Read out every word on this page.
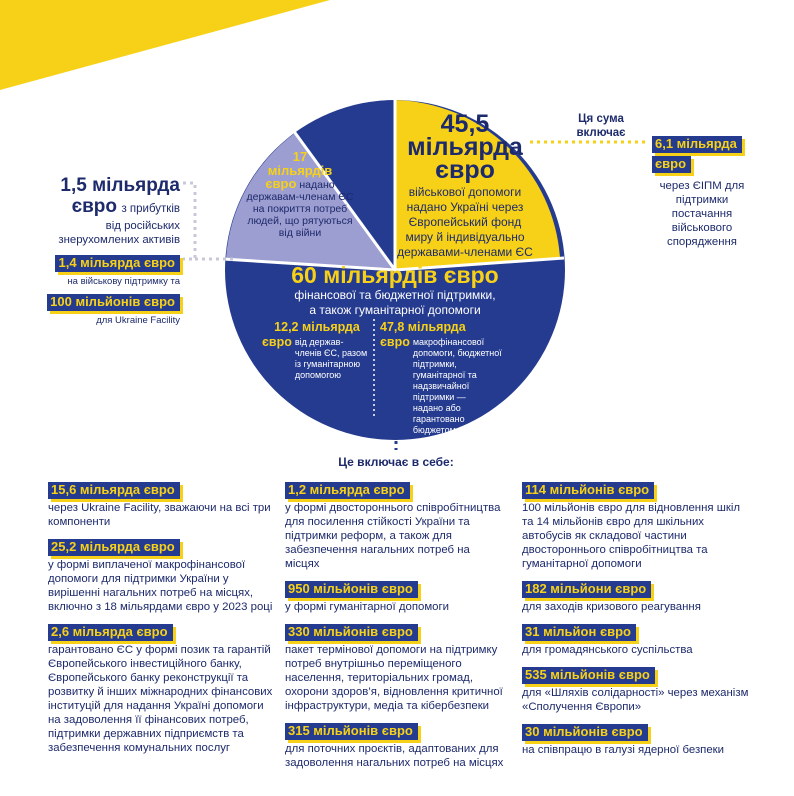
45,5
мільярда
євро
військової допомоги
надано Україні через
Європейський фонд
миру й індивідуально
державами-членами ЄС
17
мільярдів
євро надано
державам-членам ЄС
на покриття потреб
людей, що рятуються
від війни
60 мільярдів євро
фінансової та бюджетної підтримки,
а також гуманітарної допомоги
12,2 мільярда
євро від держав-
членів ЄС, разом
із гуманітарною
допомогою
47,8 мільярда
євро макрофінансової
допомоги, бюджетної
підтримки, гуманітарної та
надзвичайної підтримки —
надано або гарантовано
бюджетом ЄС
Ця сума
включає
6,1 мільярда
євро
через ЄІПМ для
підтримки
постачання
військового
спорядження
1,5 мільярда
євро з прибутків
від російських
знерухомлених активів
1,4 мільярда євро
на військову підтримку та
100 мільйонів євро
для Ukraine Facility
Це включає в себе:
15,6 мільярда євро
через Ukraine Facility, зважаючи на всі три компоненти
25,2 мільярда євро
у формі виплаченої макрофінансової допомоги для підтримки України у вирішенні нагальних потреб на місцях, включно з 18 мільярдами євро у 2023 році
2,6 мільярда євро
гарантовано ЄС у формі позик та гарантій Європейського інвестиційного банку, Європейського банку реконструкції та розвитку й інших міжнародних фінансових інституцій для надання Україні допомоги на задоволення її фінансових потреб, підтримки державних підприємств та забезпечення комунальних послуг
1,2 мільярда євро
у формі двостороннього співробітництва для посилення стійкості України та підтримки реформ, а також для забезпечення нагальних потреб на місцях
950 мільйонів євро
у формі гуманітарної допомоги
330 мільйонів євро
пакет термінової допомоги на підтримку потреб внутрішньо переміщеного населення, територіальних громад, охорони здоров’я, відновлення критичної інфраструктури, медіа та кібербезпеки
315 мільйонів євро
для поточних проєктів, адаптованих для задоволення нагальних потреб на місцях
114 мільйонів євро
100 мільйонів євро для відновлення шкіл та 14 мільйонів євро для шкільних автобусів як складової частини двостороннього співробітництва та гуманітарної допомоги
182 мільйони євро
для заходів кризового реагування
31 мільйон євро
для громадянського суспільства
535 мільйонів євро
для «Шляхів солідарності» через механізм «Сполучення Європи»
30 мільйонів євро
на співпрацю в галузі ядерної безпеки
